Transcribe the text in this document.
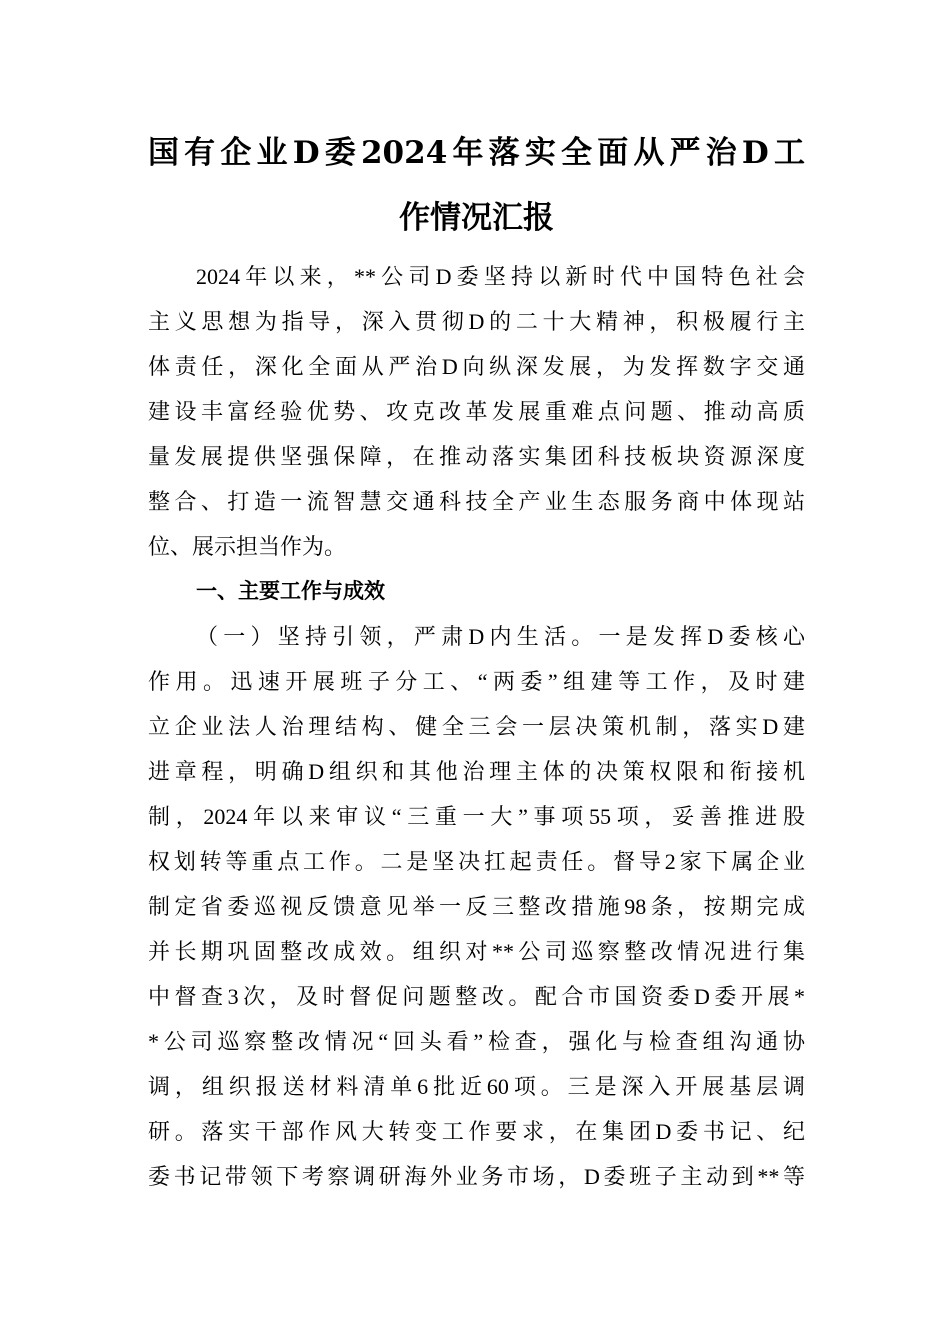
国有企业D委2024年落实全面从严治D工
作情况汇报
2024年以来，**公司D委坚持以新时代中国特色社会
主义思想为指导，深入贯彻D的二十大精神，积极履行主
体责任，深化全面从严治D向纵深发展，为发挥数字交通
建设丰富经验优势、攻克改革发展重难点问题、推动高质
量发展提供坚强保障，在推动落实集团科技板块资源深度
整合、打造一流智慧交通科技全产业生态服务商中体现站
位、展示担当作为。
一、主要工作与成效
（一）坚持引领，严肃D内生活。一是发挥D委核心
作用。迅速开展班子分工、“两委”组建等工作，及时建
立企业法人治理结构、健全三会一层决策机制，落实D建
进章程，明确D组织和其他治理主体的决策权限和衔接机
制，2024年以来审议“三重一大”事项55项，妥善推进股
权划转等重点工作。二是坚决扛起责任。督导2家下属企业
制定省委巡视反馈意见举一反三整改措施98条，按期完成
并长期巩固整改成效。组织对**公司巡察整改情况进行集
中督查3次，及时督促问题整改。配合市国资委D委开展*
*公司巡察整改情况“回头看”检查，强化与检查组沟通协
调，组织报送材料清单6批近60项。三是深入开展基层调
研。落实干部作风大转变工作要求，在集团D委书记、纪
委书记带领下考察调研海外业务市场，D委班子主动到**等
